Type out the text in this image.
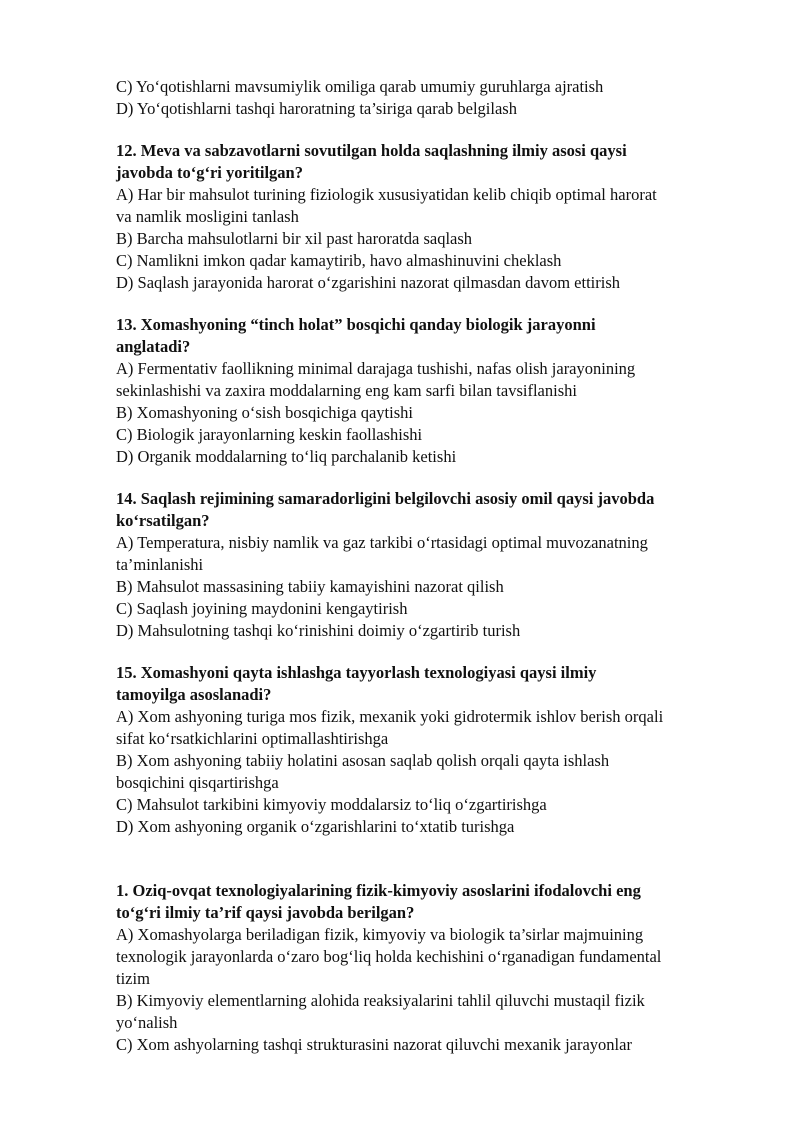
C) Yo‘qotishlarni mavsumiylik omiliga qarab umumiy guruhlarga ajratish

D) Yo‘qotishlarni tashqi haroratning ta’siriga qarab belgilash

12. Meva va sabzavotlarni sovutilgan holda saqlashning ilmiy asosi qaysi

javobda to‘g‘ri yoritilgan?

A) Har bir mahsulot turining fiziologik xususiyatidan kelib chiqib optimal harorat

va namlik mosligini tanlash

B) Barcha mahsulotlarni bir xil past haroratda saqlash

C) Namlikni imkon qadar kamaytirib, havo almashinuvini cheklash

D) Saqlash jarayonida harorat o‘zgarishini nazorat qilmasdan davom ettirish

13. Xomashyoning “tinch holat” bosqichi qanday biologik jarayonni

anglatadi?

A) Fermentativ faollikning minimal darajaga tushishi, nafas olish jarayonining

sekinlashishi va zaxira moddalarning eng kam sarfi bilan tavsiflanishi

B) Xomashyoning o‘sish bosqichiga qaytishi

C) Biologik jarayonlarning keskin faollashishi

D) Organik moddalarning to‘liq parchalanib ketishi

14. Saqlash rejimining samaradorligini belgilovchi asosiy omil qaysi javobda

ko‘rsatilgan?

A) Temperatura, nisbiy namlik va gaz tarkibi o‘rtasidagi optimal muvozanatning

ta’minlanishi

B) Mahsulot massasining tabiiy kamayishini nazorat qilish

C) Saqlash joyining maydonini kengaytirish

D) Mahsulotning tashqi ko‘rinishini doimiy o‘zgartirib turish

15. Xomashyoni qayta ishlashga tayyorlash texnologiyasi qaysi ilmiy

tamoyilga asoslanadi?

A) Xom ashyoning turiga mos fizik, mexanik yoki gidrotermik ishlov berish orqali

sifat ko‘rsatkichlarini optimallashtirishga

B) Xom ashyoning tabiiy holatini asosan saqlab qolish orqali qayta ishlash

bosqichini qisqartirishga

C) Mahsulot tarkibini kimyoviy moddalarsiz to‘liq o‘zgartirishga

D) Xom ashyoning organik o‘zgarishlarini to‘xtatib turishga

1. Oziq-ovqat texnologiyalarining fizik-kimyoviy asoslarini ifodalovchi eng

to‘g‘ri ilmiy ta’rif qaysi javobda berilgan?

A) Xomashyolarga beriladigan fizik, kimyoviy va biologik ta’sirlar majmuining

texnologik jarayonlarda o‘zaro bog‘liq holda kechishini o‘rganadigan fundamental

tizim

B) Kimyoviy elementlarning alohida reaksiyalarini tahlil qiluvchi mustaqil fizik

yo‘nalish

C) Xom ashyolarning tashqi strukturasini nazorat qiluvchi mexanik jarayonlar
